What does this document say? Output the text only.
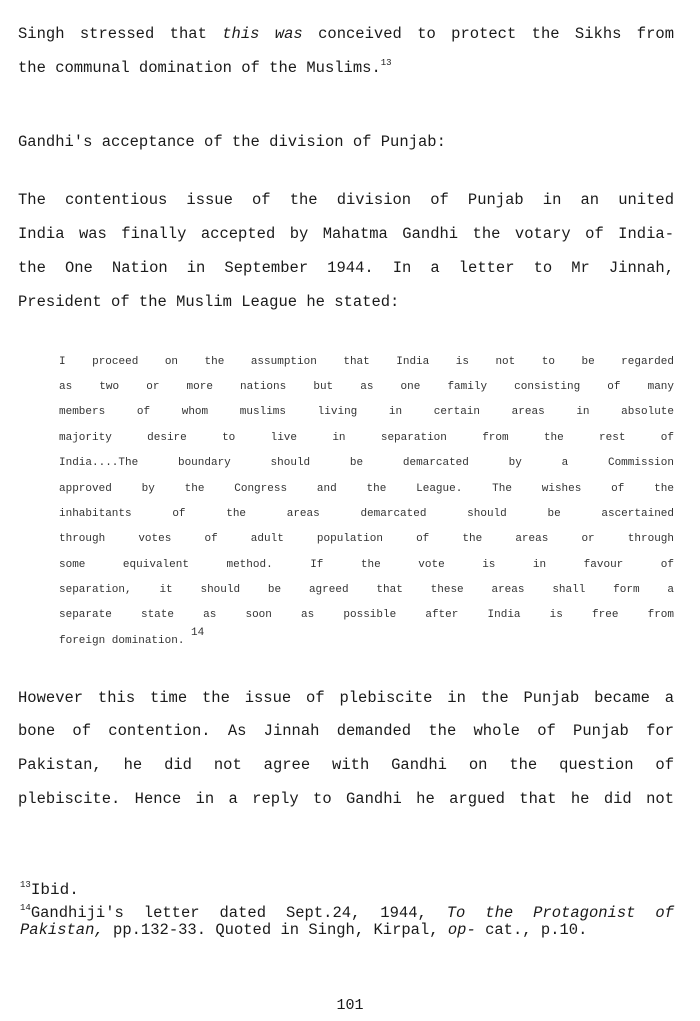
Singh stressed that this was conceived to protect the Sikhs from
the communal domination of the Muslims.$^{13}$
Gandhi's acceptance of the division of Punjab:
The contentious issue of the division of Punjab in an united
India was finally accepted by Mahatma Gandhi the votary of India-
the One Nation in September 1944. In a letter to Mr Jinnah,
President of the Muslim League he stated:
I proceed on the assumption that India is not to be regarded
as two or more nations but as one family consisting of many
members of whom muslims living in certain areas in absolute
majority desire to live in separation from the rest of
India....The boundary should be demarcated by a Commission
approved by the Congress and the League. The wishes of the
inhabitants of the areas demarcated should be ascertained
through votes of adult population of the areas or through
some equivalent method. If the vote is in favour of
separation, it should be agreed that these areas shall form a
separate state as soon as possible after India is free from
foreign domination. $^{14}$
However this time the issue of plebiscite in the Punjab became a
bone of contention. As Jinnah demanded the whole of Punjab for
Pakistan, he did not agree with Gandhi on the question of
plebiscite. Hence in a reply to Gandhi he argued that he did not
$^{13}$Ibid.
$^{14}$Gandhiji's letter dated Sept.24, 1944, To the Protagonist of
Pakistan, pp.132-33. Quoted in Singh, Kirpal, op- cat., p.10.
101
